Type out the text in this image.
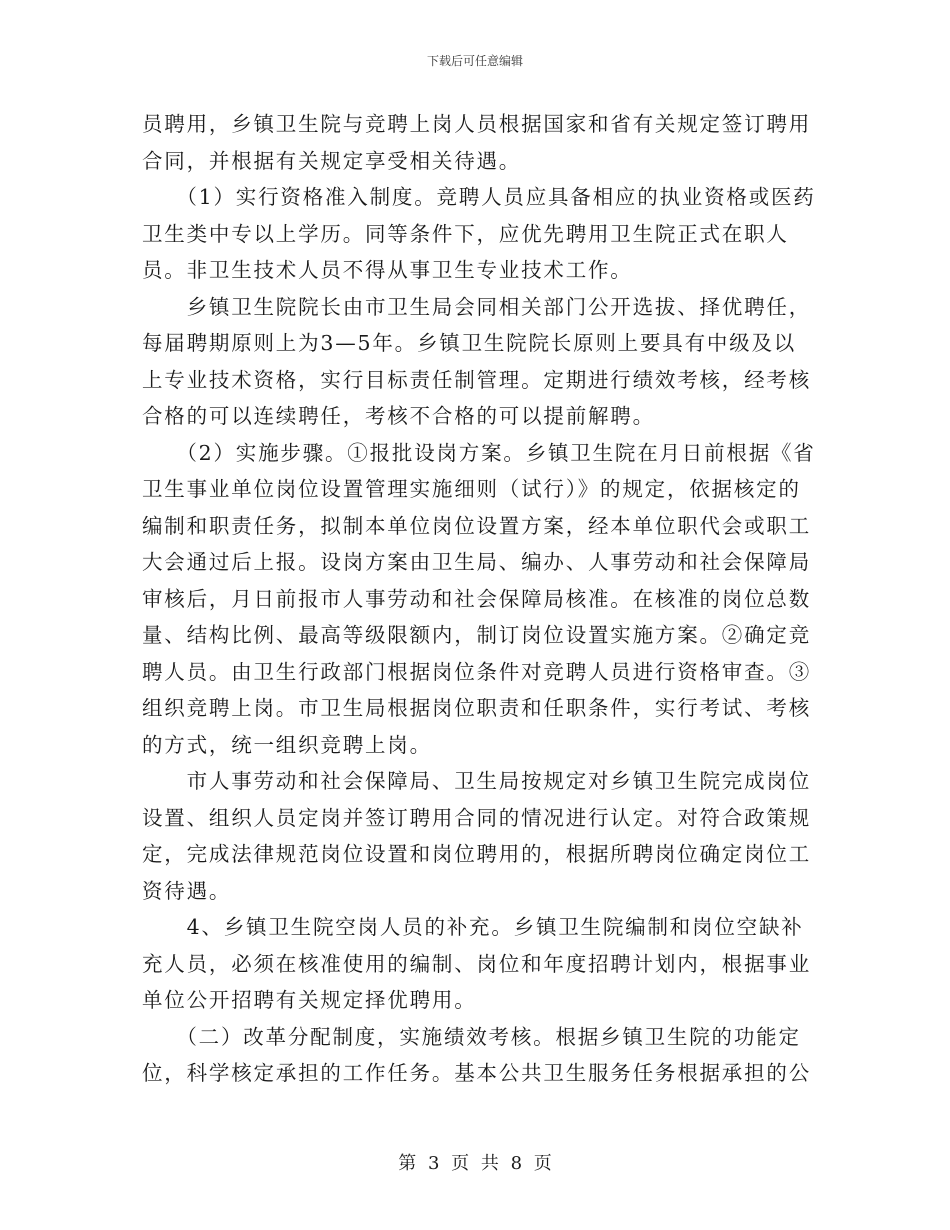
下载后可任意编辑

员聘用，乡镇卫生院与竞聘上岗人员根据国家和省有关规定签订聘用合同，并根据有关规定享受相关待遇。

　　（1）实行资格准入制度。竞聘人员应具备相应的执业资格或医药卫生类中专以上学历。同等条件下，应优先聘用卫生院正式在职人员。非卫生技术人员不得从事卫生专业技术工作。

　　乡镇卫生院院长由市卫生局会同相关部门公开选拔、择优聘任，每届聘期原则上为3—5年。乡镇卫生院院长原则上要具有中级及以上专业技术资格，实行目标责任制管理。定期进行绩效考核，经考核合格的可以连续聘任，考核不合格的可以提前解聘。

　　（2）实施步骤。①报批设岗方案。乡镇卫生院在月日前根据《省卫生事业单位岗位设置管理实施细则（试行）》的规定，依据核定的编制和职责任务，拟制本单位岗位设置方案，经本单位职代会或职工大会通过后上报。设岗方案由卫生局、编办、人事劳动和社会保障局审核后，月日前报市人事劳动和社会保障局核准。在核准的岗位总数量、结构比例、最高等级限额内，制订岗位设置实施方案。②确定竞聘人员。由卫生行政部门根据岗位条件对竞聘人员进行资格审查。③组织竞聘上岗。市卫生局根据岗位职责和任职条件，实行考试、考核的方式，统一组织竞聘上岗。

　　市人事劳动和社会保障局、卫生局按规定对乡镇卫生院完成岗位设置、组织人员定岗并签订聘用合同的情况进行认定。对符合政策规定，完成法律规范岗位设置和岗位聘用的，根据所聘岗位确定岗位工资待遇。

　　4、乡镇卫生院空岗人员的补充。乡镇卫生院编制和岗位空缺补充人员，必须在核准使用的编制、岗位和年度招聘计划内，根据事业单位公开招聘有关规定择优聘用。

　　（二）改革分配制度，实施绩效考核。根据乡镇卫生院的功能定位，科学核定承担的工作任务。基本公共卫生服务任务根据承担的公

第 3 页 共 8 页
